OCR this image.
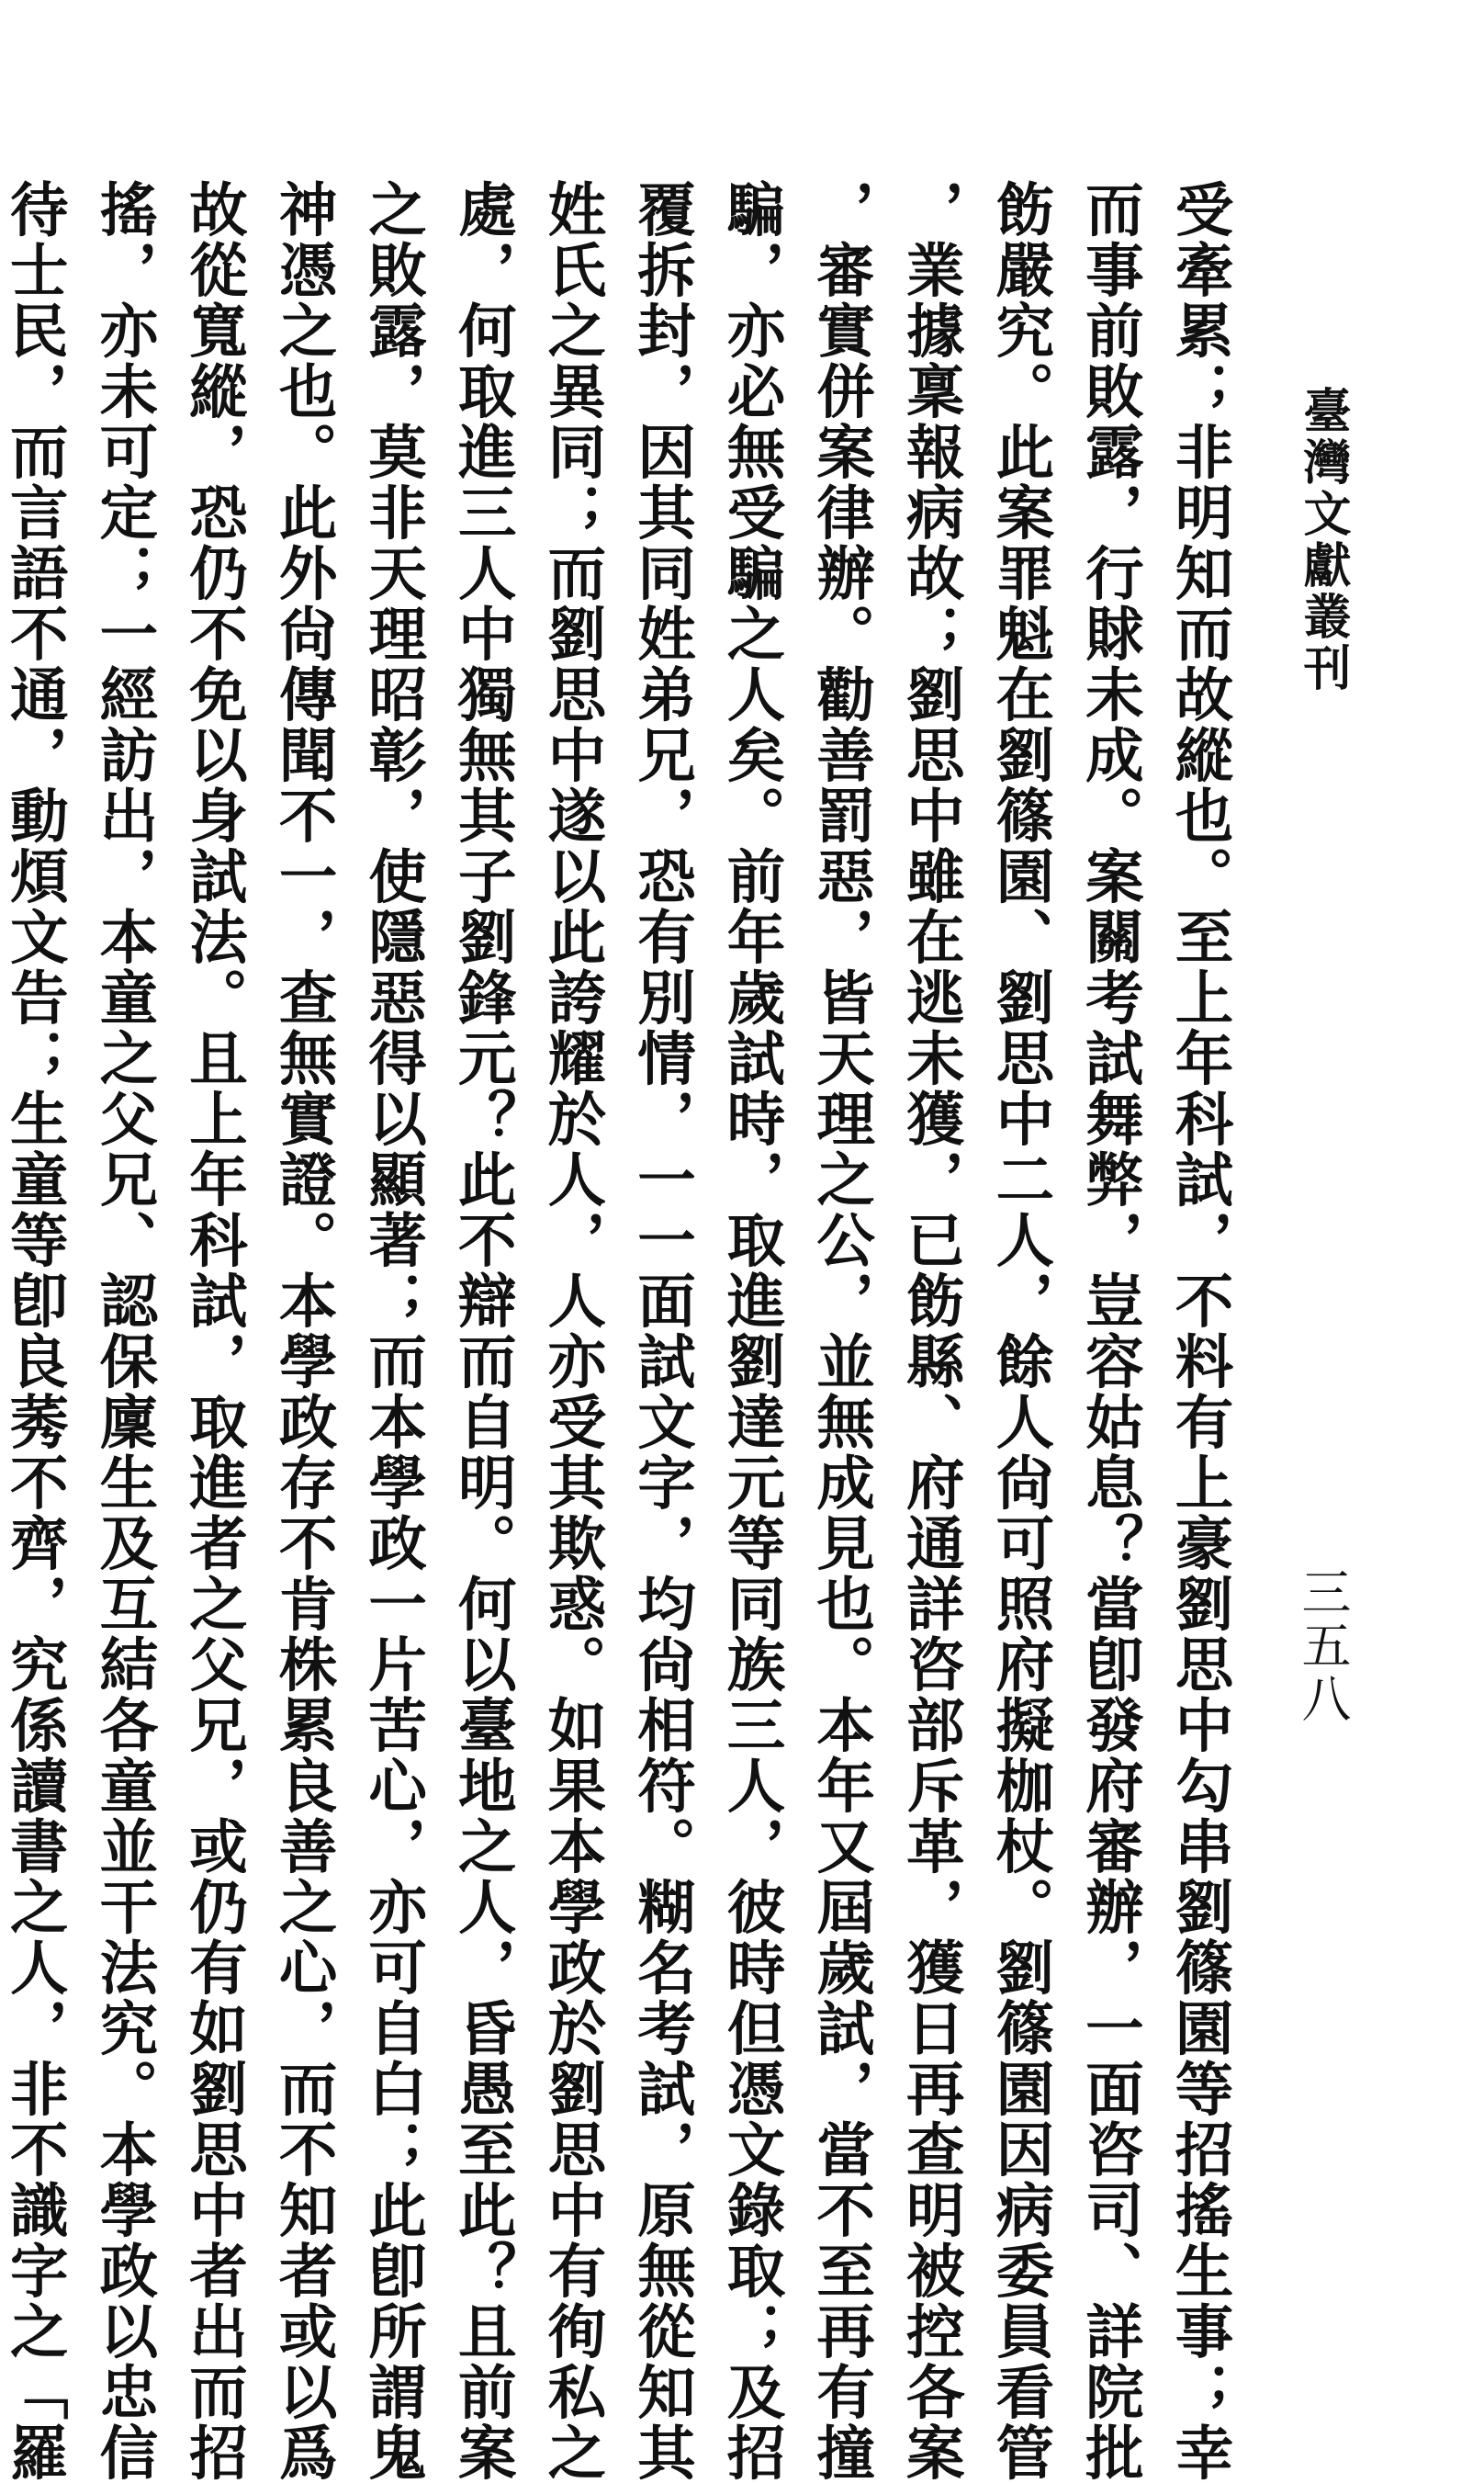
臺灣文獻叢刊
三五八
受牽累；非明知而故縱也。至上年科試，不料有上豪劉思中勾串劉篠園等招搖生事；幸
而事前敗露，行賕未成。案關考試舞弊，豈容姑息？當卽發府審辦，一面咨司、詳院批
飭嚴究。此案罪魁在劉篠園、劉思中二人，餘人尙可照府擬枷杖。劉篠園因病委員看管
，業據稟報病故；劉思中雖在逃未獲，已飭縣、府通詳咨部斥革，獲日再查明被控各案
，審實併案律辦。勸善罰惡，皆天理之公，並無成見也。本年又屆歲試，當不至再有撞
騙，亦必無受騙之人矣。前年歲試時，取進劉達元等同族三人，彼時但憑文錄取；及招
覆拆封，因其同姓弟兄，恐有別情，一一面試文字，均尙相符。糊名考試，原無從知其
姓氏之異同；而劉思中遂以此誇耀於人，人亦受其欺惑。如果本學政於劉思中有徇私之
處，何取進三人中獨無其子劉鋒元？此不辯而自明。何以臺地之人，昏愚至此？且前案
之敗露，莫非天理昭彰，使隱惡得以顯著；而本學政一片苦心，亦可自白；此卽所謂鬼
神憑之也。此外尙傳聞不一，查無實證。本學政存不肯株累良善之心，而不知者或以爲
故從寬縱，恐仍不免以身試法。且上年科試，取進者之父兄，或仍有如劉思中者出而招
搖，亦未可定；一經訪出，本童之父兄、認保廩生及互結各童並干法究。本學政以忠信
待士民，而言語不通，動煩文告；生童等卽良莠不齊，究係讀書之人，非不識字之「羅
